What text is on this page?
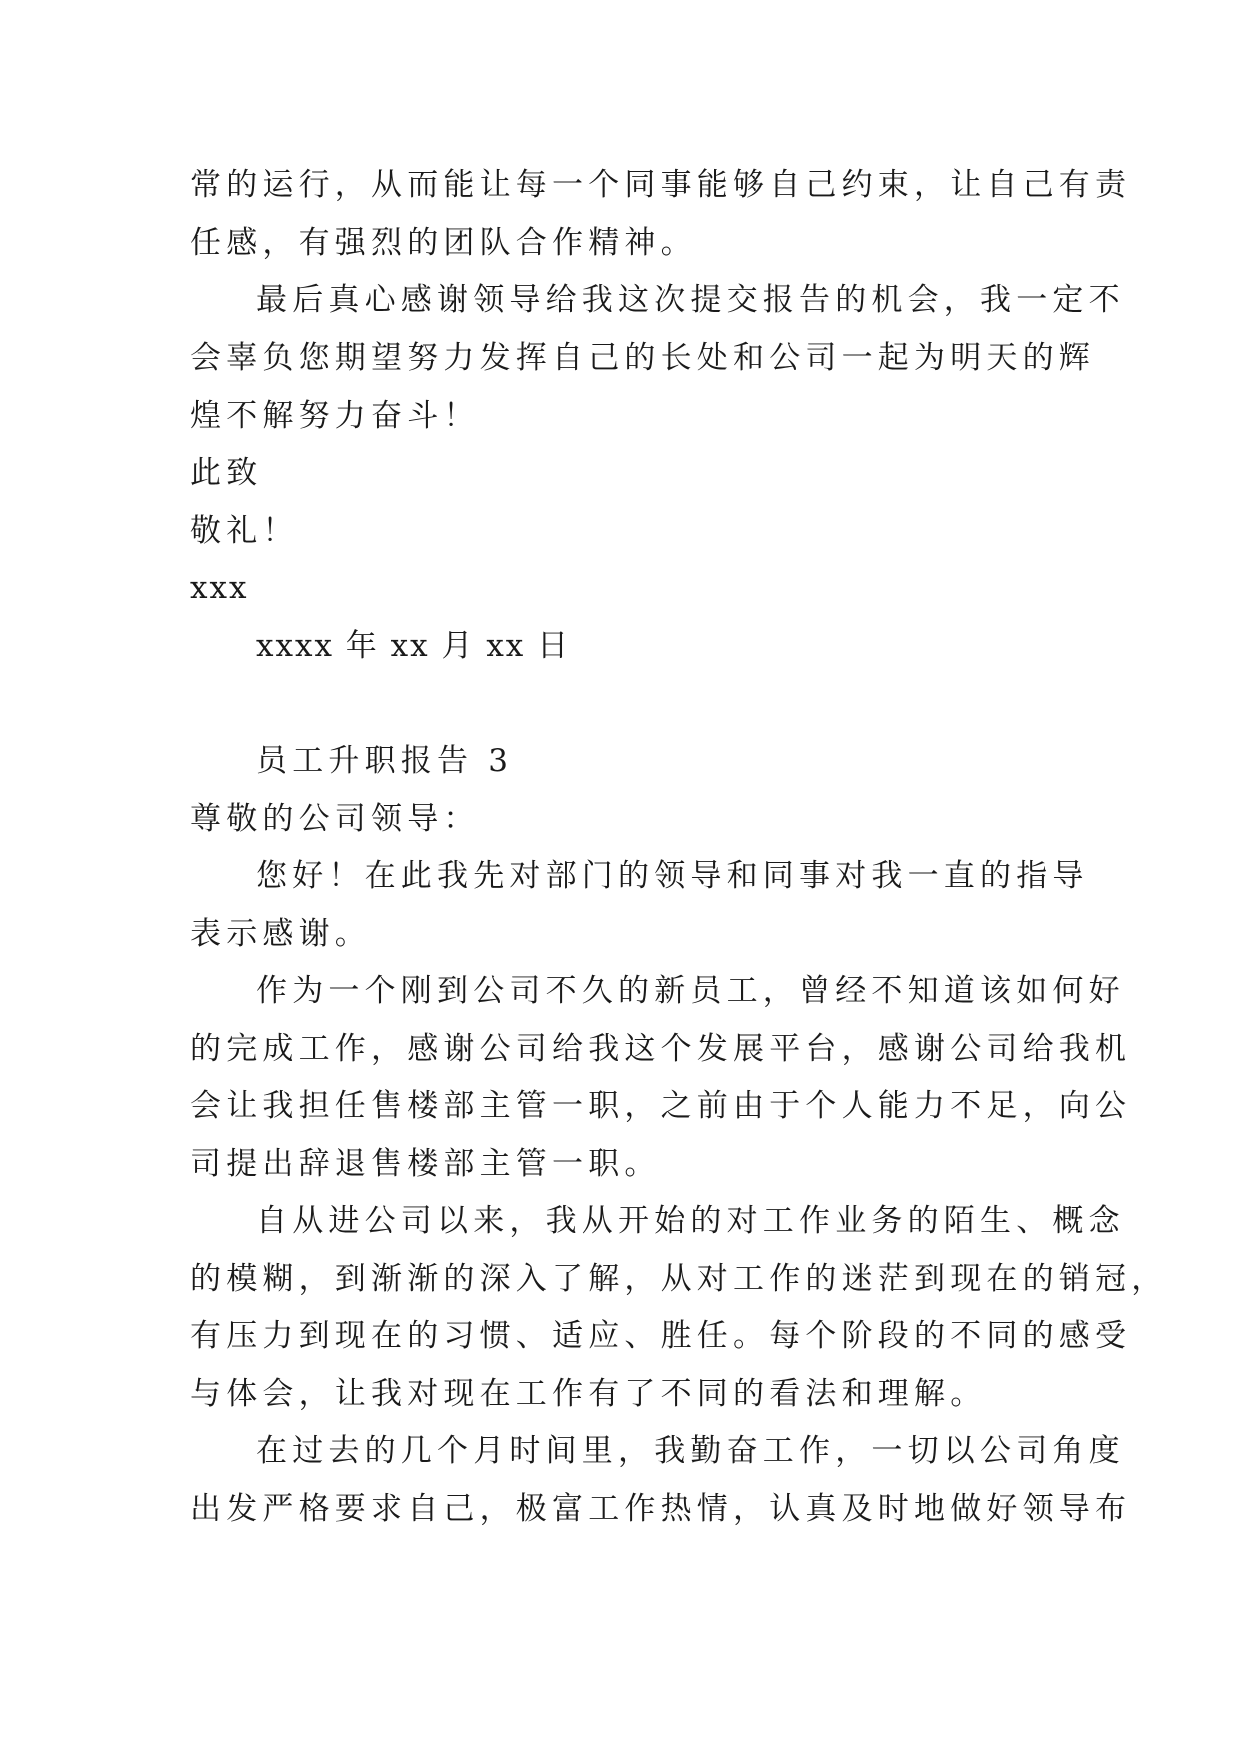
常的运行，从而能让每一个同事能够自己约束，让自己有责
任感，有强烈的团队合作精神。
最后真心感谢领导给我这次提交报告的机会，我一定不
会辜负您期望努力发挥自己的长处和公司一起为明天的辉
煌不解努力奋斗！
此致
敬礼！
xxx
xxxx 年 xx 月 xx 日
员工升职报告 3
尊敬的公司领导：
您好！在此我先对部门的领导和同事对我一直的指导
表示感谢。
作为一个刚到公司不久的新员工，曾经不知道该如何好
的完成工作，感谢公司给我这个发展平台，感谢公司给我机
会让我担任售楼部主管一职，之前由于个人能力不足，向公
司提出辞退售楼部主管一职。
自从进公司以来，我从开始的对工作业务的陌生、概念
的模糊，到渐渐的深入了解，从对工作的迷茫到现在的销冠，
有压力到现在的习惯、适应、胜任。每个阶段的不同的感受
与体会，让我对现在工作有了不同的看法和理解。
在过去的几个月时间里，我勤奋工作，一切以公司角度
出发严格要求自己，极富工作热情，认真及时地做好领导布
